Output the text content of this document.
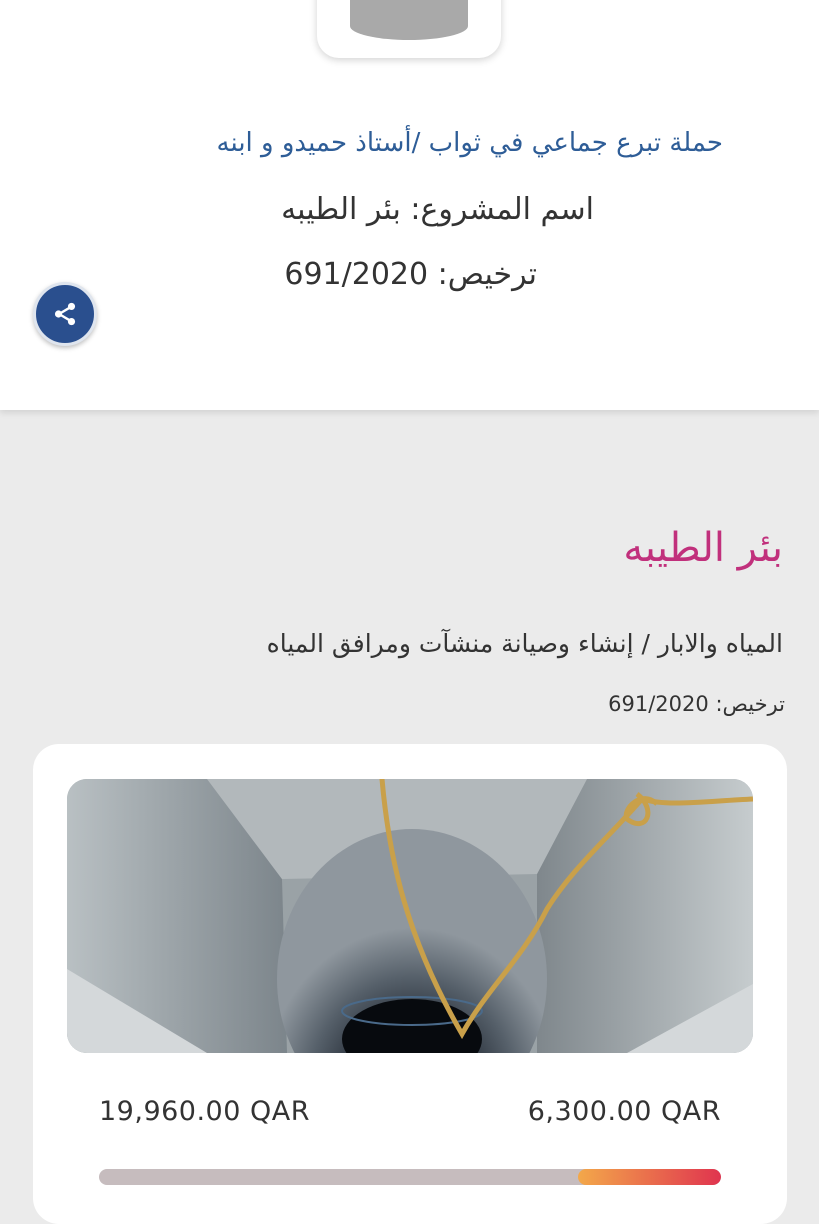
حملة تبرع جماعي في ثواب /أستاذ حميدو و ابنه
اسم المشروع: بئر الطيبه
ترخيص: 691/2020
بئر الطيبه
المياه والابار / إنشاء وصيانة منشآت ومرافق المياه
ترخيص: 691/2020
19,960.00 QAR	6,300.00 QAR
